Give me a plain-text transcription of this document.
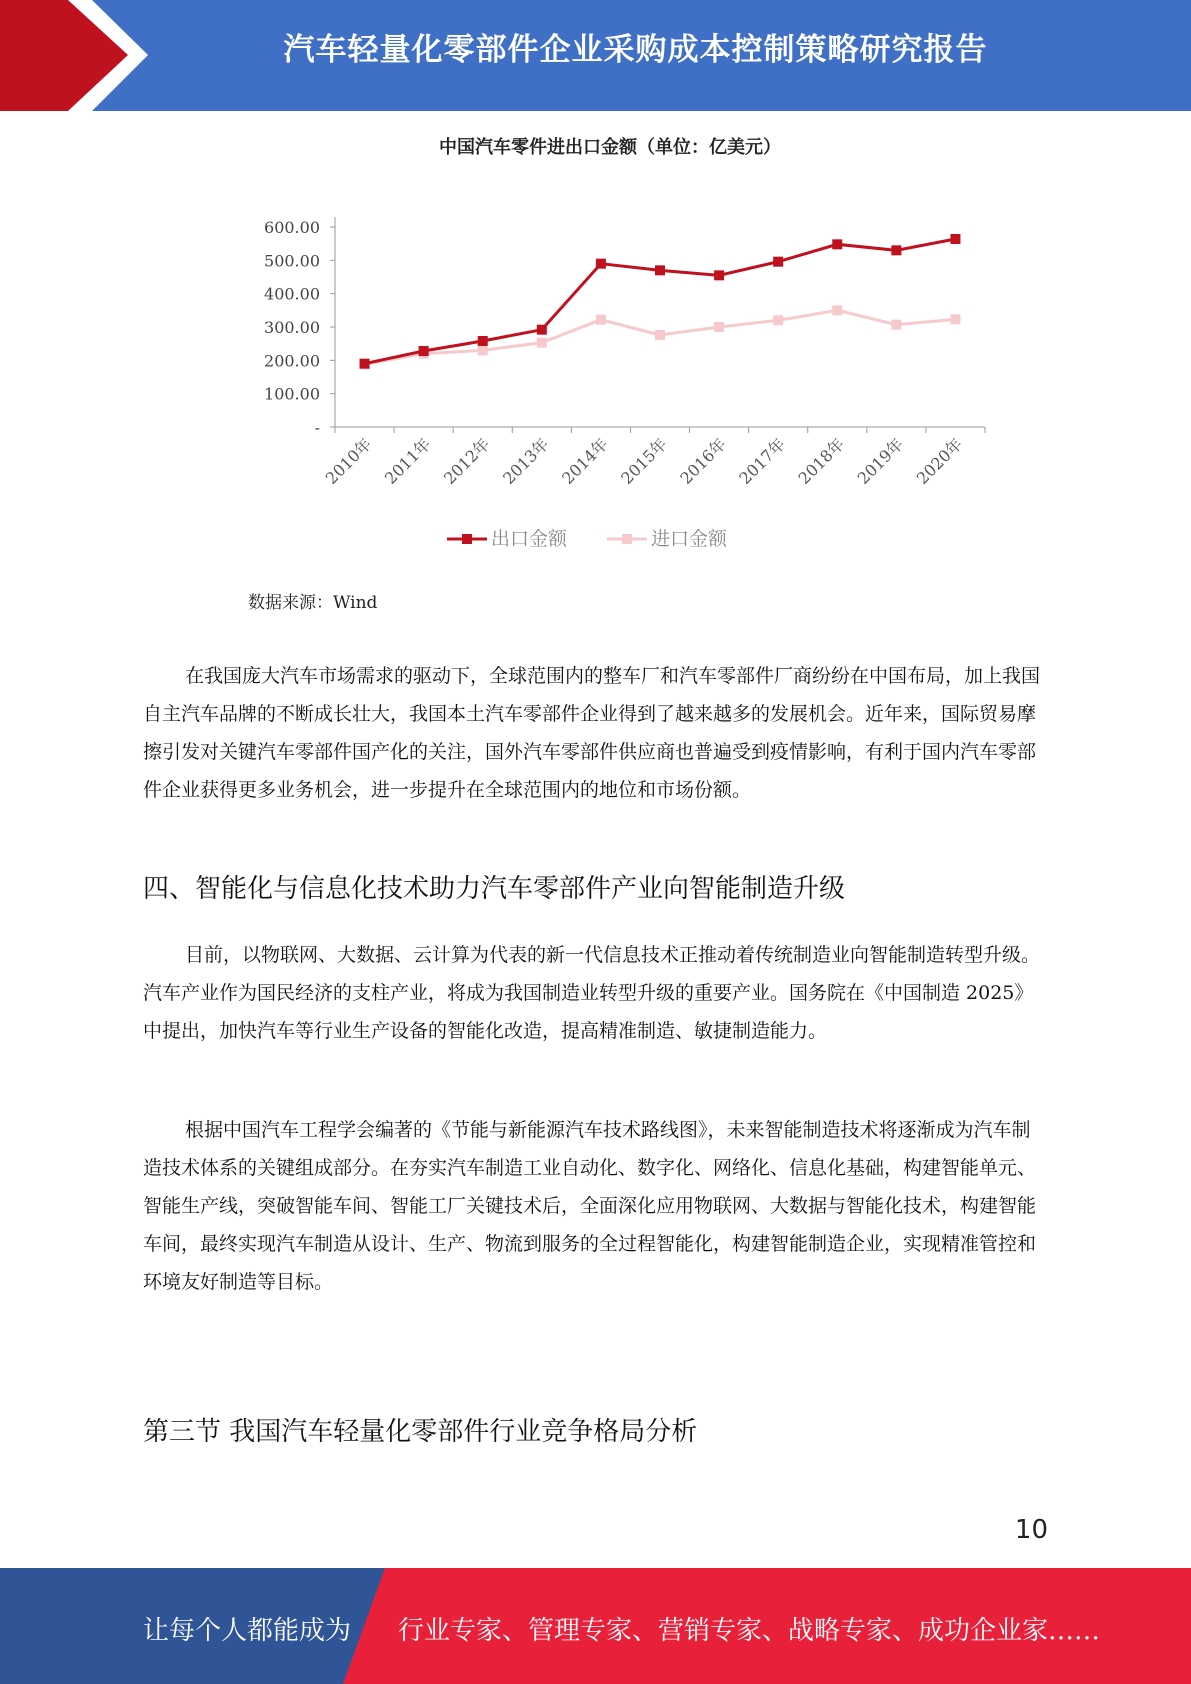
汽车轻量化零部件企业采购成本控制策略研究报告
中国汽车零件进出口金额（单位：亿美元）
-
100.00
200.00
300.00
400.00
500.00
600.00
2010年 2011年 2012年 2013年 2014年 2015年 2016年 2017年 2018年 2019年 2020年
出口金额	进口金额
数据来源：Wind

在我国庞大汽车市场需求的驱动下，全球范围内的整车厂和汽车零部件厂商纷纷在中国布局，加上我国自主汽车品牌的不断成长壮大，我国本土汽车零部件企业得到了越来越多的发展机会。近年来，国际贸易摩擦引发对关键汽车零部件国产化的关注，国外汽车零部件供应商也普遍受到疫情影响，有利于国内汽车零部件企业获得更多业务机会，进一步提升在全球范围内的地位和市场份额。

四、智能化与信息化技术助力汽车零部件产业向智能制造升级

目前，以物联网、大数据、云计算为代表的新一代信息技术正推动着传统制造业向智能制造转型升级。汽车产业作为国民经济的支柱产业，将成为我国制造业转型升级的重要产业。国务院在《中国制造 2025》中提出，加快汽车等行业生产设备的智能化改造，提高精准制造、敏捷制造能力。

根据中国汽车工程学会编著的《节能与新能源汽车技术路线图》，未来智能制造技术将逐渐成为汽车制造技术体系的关键组成部分。在夯实汽车制造工业自动化、数字化、网络化、信息化基础，构建智能单元、智能生产线，突破智能车间、智能工厂关键技术后，全面深化应用物联网、大数据与智能化技术，构建智能车间，最终实现汽车制造从设计、生产、物流到服务的全过程智能化，构建智能制造企业，实现精准管控和环境友好制造等目标。

第三节 我国汽车轻量化零部件行业竞争格局分析
10
让每个人都能成为 行业专家、管理专家、营销专家、战略专家、成功企业家……
